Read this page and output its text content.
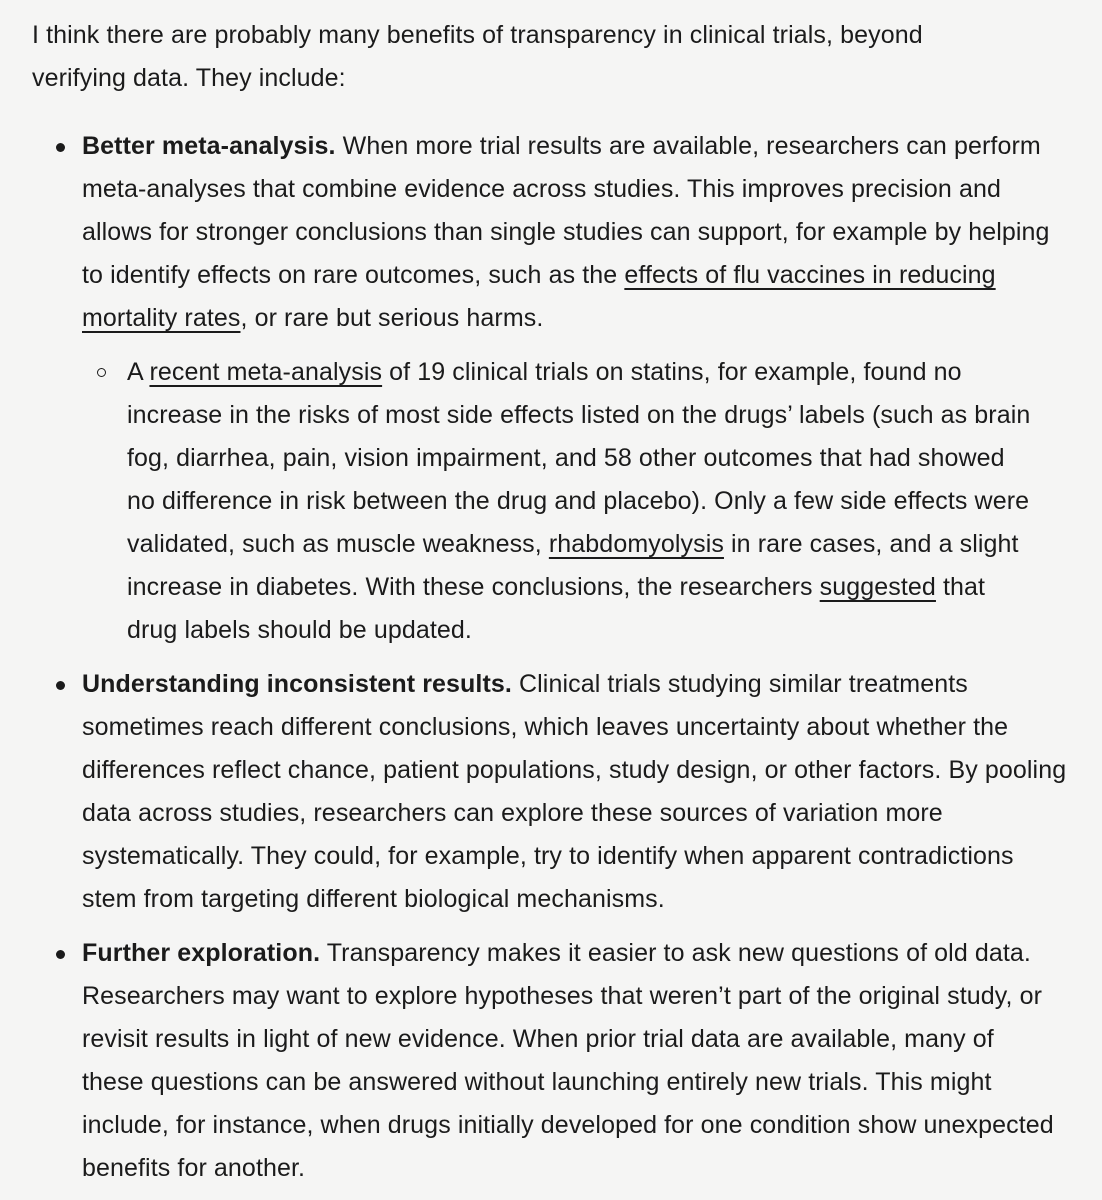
I think there are probably many benefits of transparency in clinical trials, beyond verifying data. They include:

Better meta-analysis. When more trial results are available, researchers can perform meta-analyses that combine evidence across studies. This improves precision and allows for stronger conclusions than single studies can support, for example by helping to identify effects on rare outcomes, such as the effects of flu vaccines in reducing mortality rates, or rare but serious harms.

A recent meta-analysis of 19 clinical trials on statins, for example, found no increase in the risks of most side effects listed on the drugs’ labels (such as brain fog, diarrhea, pain, vision impairment, and 58 other outcomes that had showed no difference in risk between the drug and placebo). Only a few side effects were validated, such as muscle weakness, rhabdomyolysis in rare cases, and a slight increase in diabetes. With these conclusions, the researchers suggested that drug labels should be updated.

Understanding inconsistent results. Clinical trials studying similar treatments sometimes reach different conclusions, which leaves uncertainty about whether the differences reflect chance, patient populations, study design, or other factors. By pooling data across studies, researchers can explore these sources of variation more systematically. They could, for example, try to identify when apparent contradictions stem from targeting different biological mechanisms.

Further exploration. Transparency makes it easier to ask new questions of old data. Researchers may want to explore hypotheses that weren’t part of the original study, or revisit results in light of new evidence. When prior trial data are available, many of these questions can be answered without launching entirely new trials. This might include, for instance, when drugs initially developed for one condition show unexpected benefits for another.
